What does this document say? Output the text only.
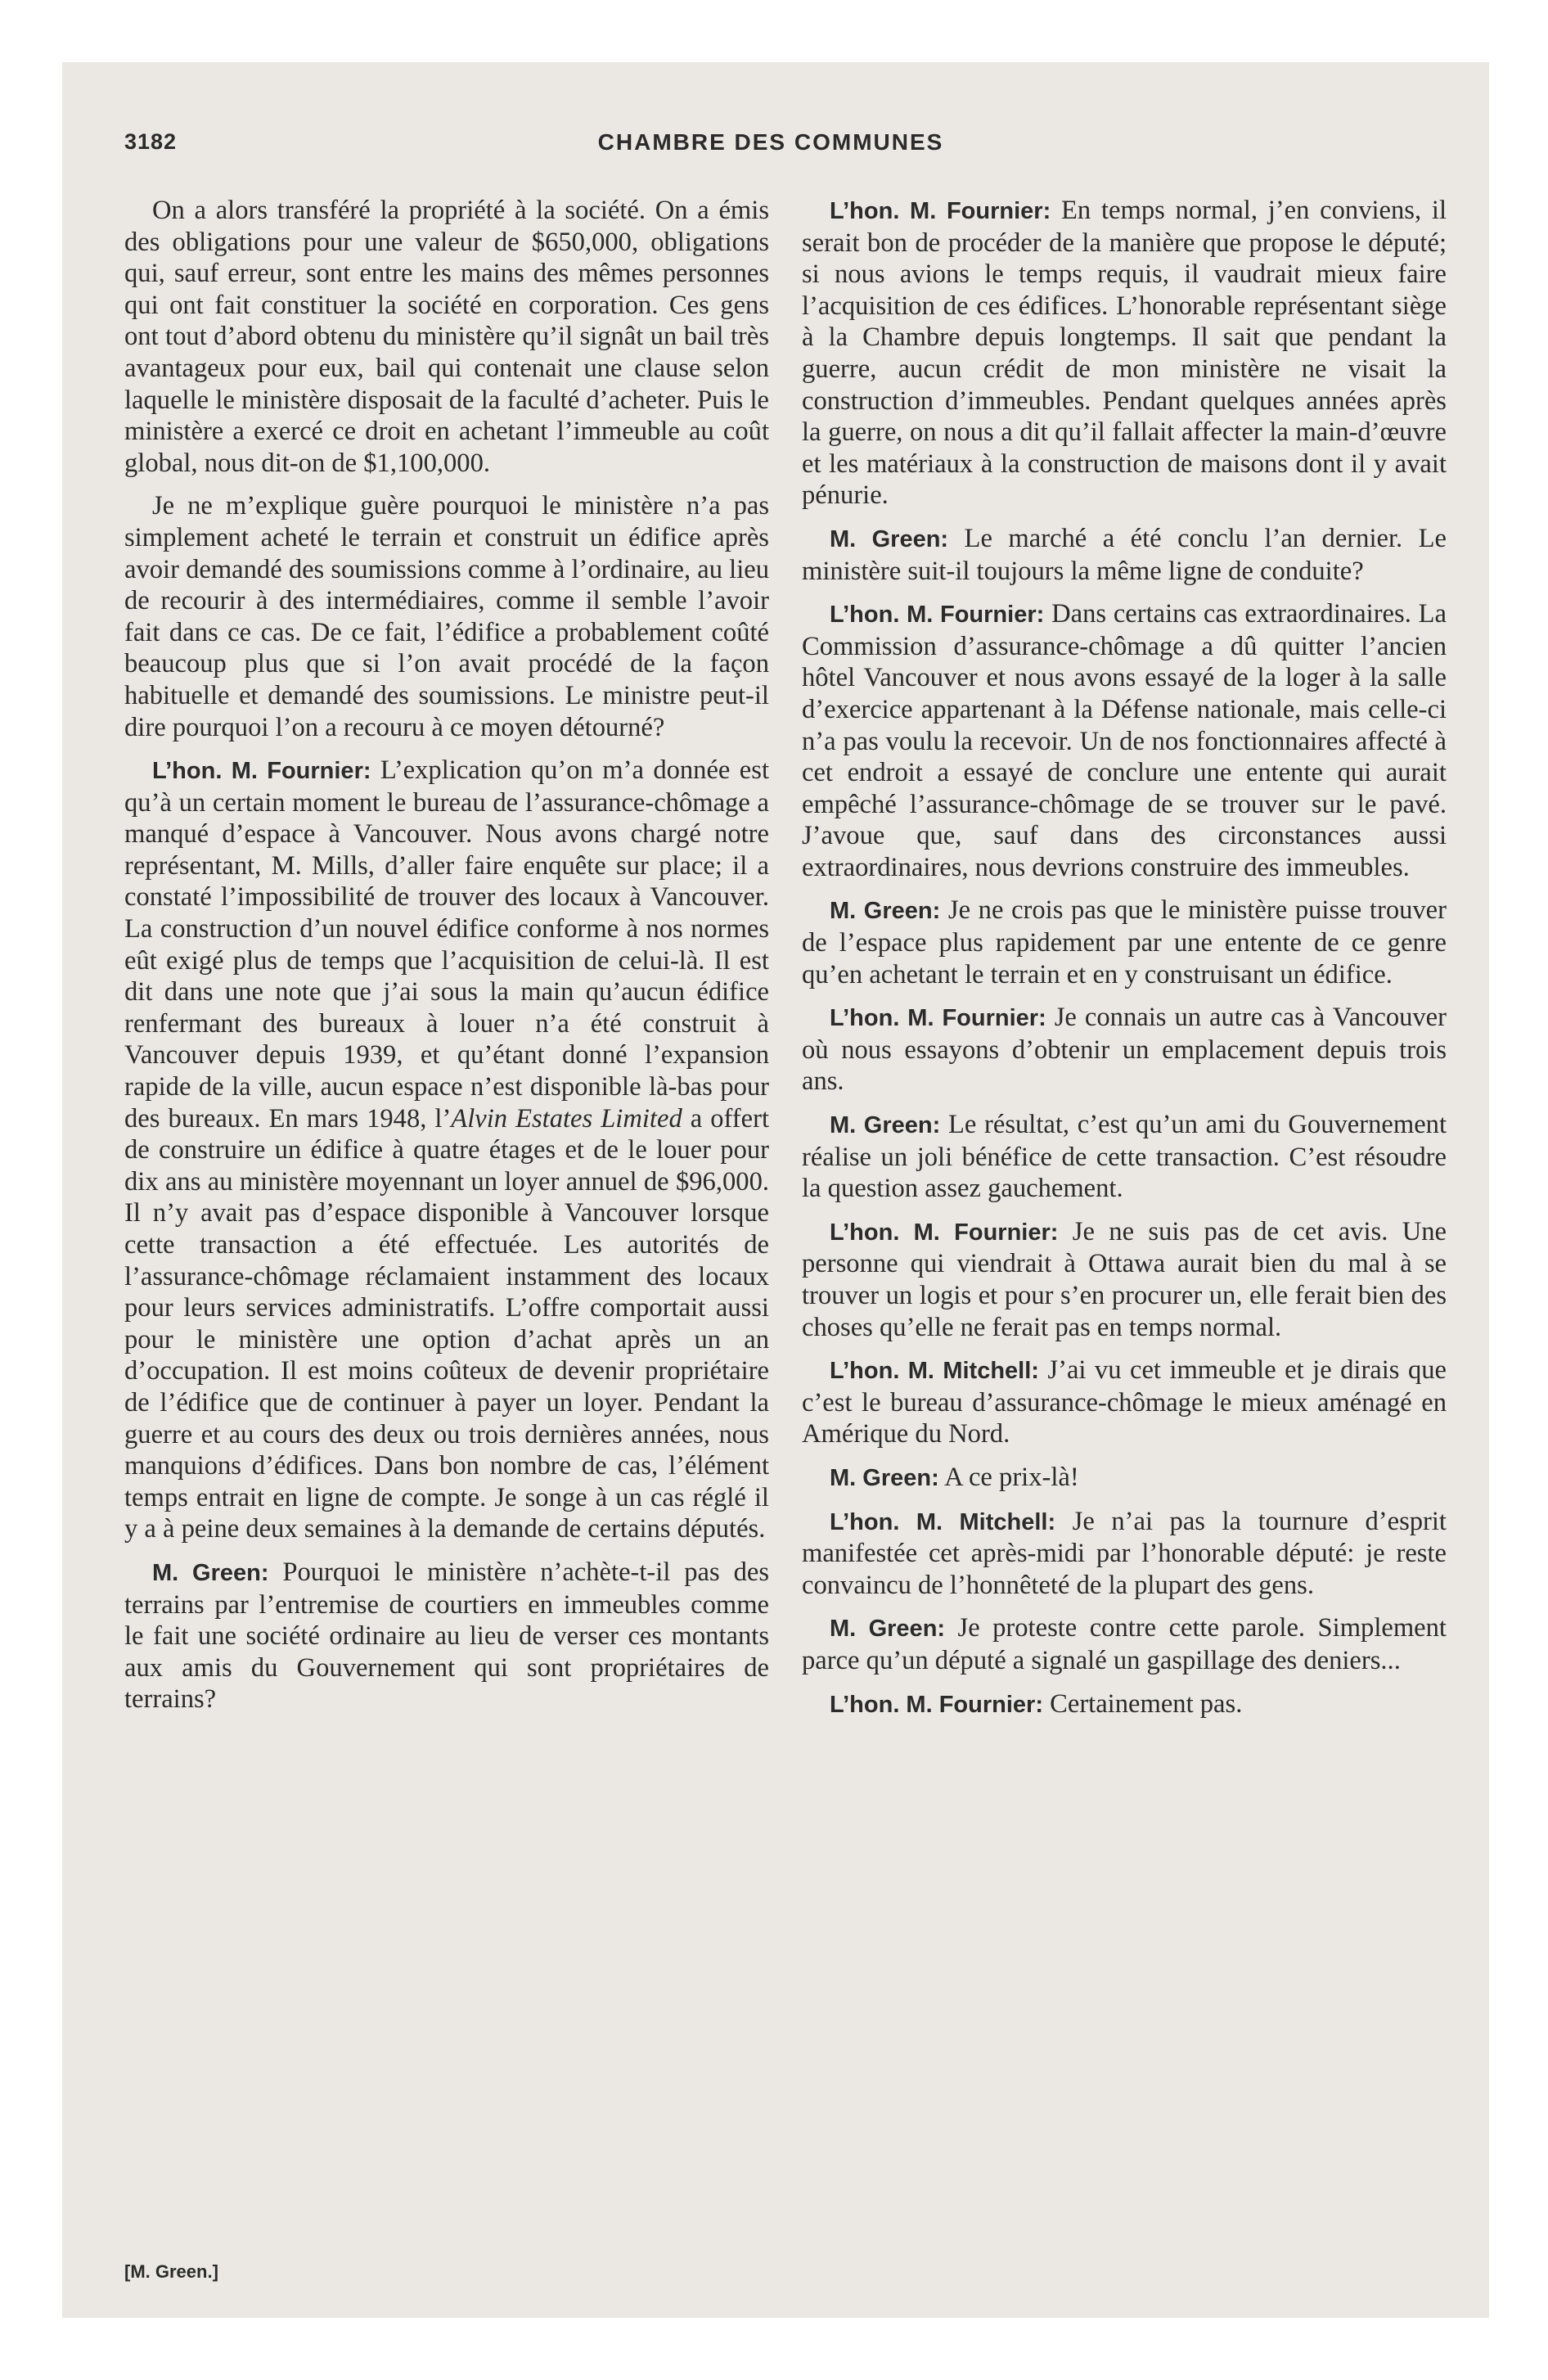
3182	CHAMBRE DES COMMUNES

On a alors transféré la propriété à la société. On a émis des obligations pour une valeur de $650,000, obligations qui, sauf erreur, sont entre les mains des mêmes personnes qui ont fait constituer la société en corporation. Ces gens ont tout d’abord obtenu du ministère qu’il signât un bail très avantageux pour eux, bail qui contenait une clause selon laquelle le ministère disposait de la faculté d’acheter. Puis le ministère a exercé ce droit en achetant l’immeuble au coût global, nous dit-on de $1,100,000.

Je ne m’explique guère pourquoi le ministère n’a pas simplement acheté le terrain et construit un édifice après avoir demandé des soumissions comme à l’ordinaire, au lieu de recourir à des intermédiaires, comme il semble l’avoir fait dans ce cas. De ce fait, l’édifice a probablement coûté beaucoup plus que si l’on avait procédé de la façon habituelle et demandé des soumissions. Le ministre peut-il dire pourquoi l’on a recouru à ce moyen détourné?

L’hon. M. Fournier: L’explication qu’on m’a donnée est qu’à un certain moment le bureau de l’assurance-chômage a manqué d’espace à Vancouver. Nous avons chargé notre représentant, M. Mills, d’aller faire enquête sur place; il a constaté l’impossibilité de trouver des locaux à Vancouver. La construction d’un nouvel édifice conforme à nos normes eût exigé plus de temps que l’acquisition de celui-là. Il est dit dans une note que j’ai sous la main qu’aucun édifice renfermant des bureaux à louer n’a été construit à Vancouver depuis 1939, et qu’étant donné l’expansion rapide de la ville, aucun espace n’est disponible là-bas pour des bureaux. En mars 1948, l’Alvin Estates Limited a offert de construire un édifice à quatre étages et de le louer pour dix ans au ministère moyennant un loyer annuel de $96,000. Il n’y avait pas d’espace disponible à Vancouver lorsque cette transaction a été effectuée. Les autorités de l’assurance-chômage réclamaient instamment des locaux pour leurs services administratifs. L’offre comportait aussi pour le ministère une option d’achat après un an d’occupation. Il est moins coûteux de devenir propriétaire de l’édifice que de continuer à payer un loyer. Pendant la guerre et au cours des deux ou trois dernières années, nous manquions d’édifices. Dans bon nombre de cas, l’élément temps entrait en ligne de compte. Je songe à un cas réglé il y a à peine deux semaines à la demande de certains députés.

M. Green: Pourquoi le ministère n’achète-t-il pas des terrains par l’entremise de courtiers en immeubles comme le fait une société ordinaire au lieu de verser ces montants aux amis du Gouvernement qui sont propriétaires de terrains?

L’hon. M. Fournier: En temps normal, j’en conviens, il serait bon de procéder de la manière que propose le député; si nous avions le temps requis, il vaudrait mieux faire l’acquisition de ces édifices. L’honorable représentant siège à la Chambre depuis longtemps. Il sait que pendant la guerre, aucun crédit de mon ministère ne visait la construction d’immeubles. Pendant quelques années après la guerre, on nous a dit qu’il fallait affecter la main-d’œuvre et les matériaux à la construction de maisons dont il y avait pénurie.

M. Green: Le marché a été conclu l’an dernier. Le ministère suit-il toujours la même ligne de conduite?

L’hon. M. Fournier: Dans certains cas extraordinaires. La Commission d’assurance-chômage a dû quitter l’ancien hôtel Vancouver et nous avons essayé de la loger à la salle d’exercice appartenant à la Défense nationale, mais celle-ci n’a pas voulu la recevoir. Un de nos fonctionnaires affecté à cet endroit a essayé de conclure une entente qui aurait empêché l’assurance-chômage de se trouver sur le pavé. J’avoue que, sauf dans des circonstances aussi extraordinaires, nous devrions construire des immeubles.

M. Green: Je ne crois pas que le ministère puisse trouver de l’espace plus rapidement par une entente de ce genre qu’en achetant le terrain et en y construisant un édifice.

L’hon. M. Fournier: Je connais un autre cas à Vancouver où nous essayons d’obtenir un emplacement depuis trois ans.

M. Green: Le résultat, c’est qu’un ami du Gouvernement réalise un joli bénéfice de cette transaction. C’est résoudre la question assez gauchement.

L’hon. M. Fournier: Je ne suis pas de cet avis. Une personne qui viendrait à Ottawa aurait bien du mal à se trouver un logis et pour s’en procurer un, elle ferait bien des choses qu’elle ne ferait pas en temps normal.

L’hon. M. Mitchell: J’ai vu cet immeuble et je dirais que c’est le bureau d’assurance-chômage le mieux aménagé en Amérique du Nord.

M. Green: A ce prix-là!

L’hon. M. Mitchell: Je n’ai pas la tournure d’esprit manifestée cet après-midi par l’honorable député: je reste convaincu de l’honnêteté de la plupart des gens.

M. Green: Je proteste contre cette parole. Simplement parce qu’un député a signalé un gaspillage des deniers...

L’hon. M. Fournier: Certainement pas.

[M. Green.]
